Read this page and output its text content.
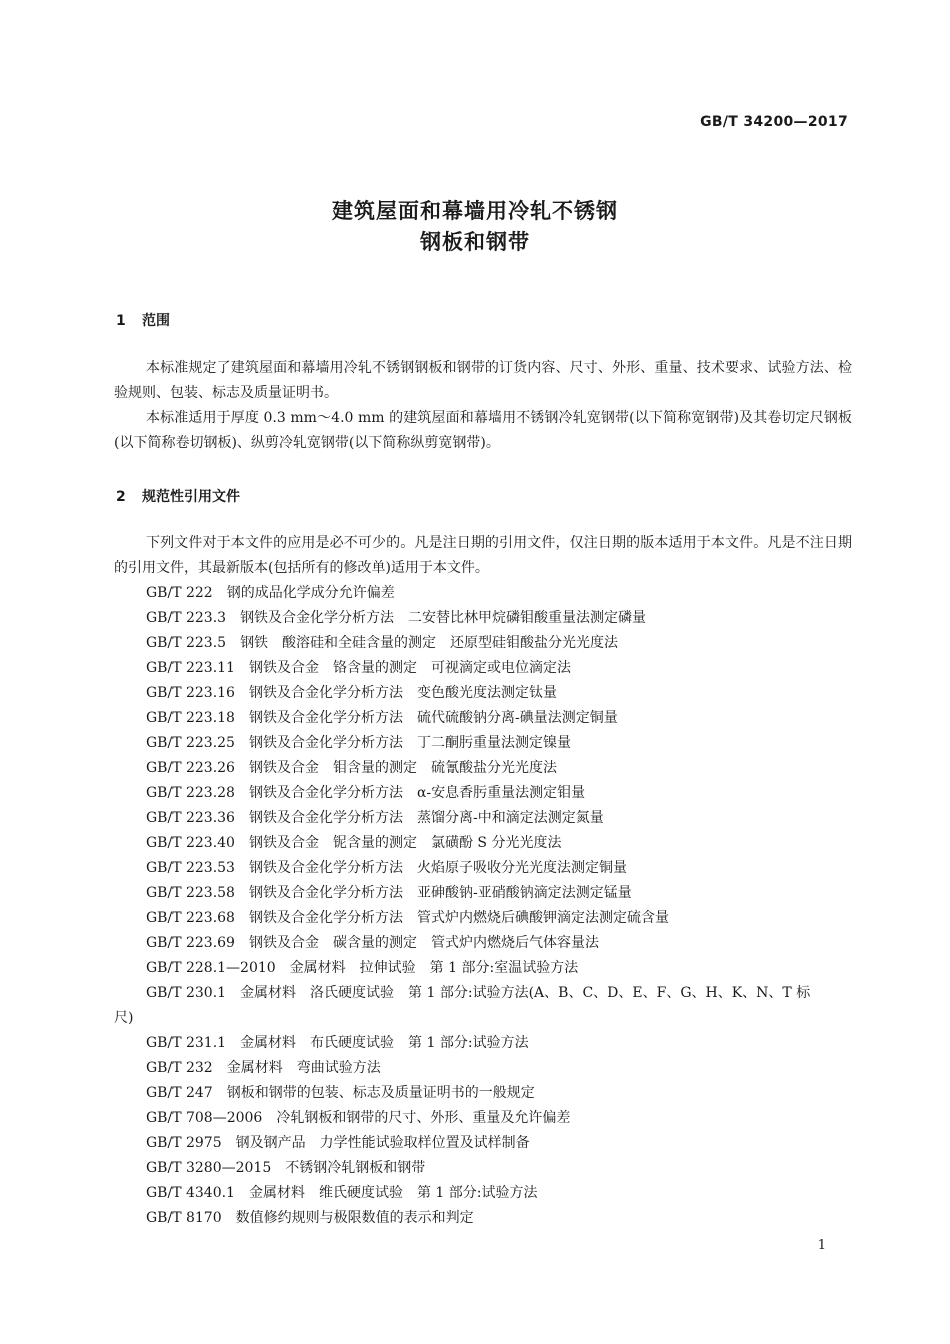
GB/T 34200—2017
建筑屋面和幕墙用冷轧不锈钢
钢板和钢带
1 范围

本标准规定了建筑屋面和幕墙用冷轧不锈钢钢板和钢带的订货内容、尺寸、外形、重量、技术要求、试验方法、检验规则、包装、标志及质量证明书。

本标准适用于厚度 0.3 mm～4.0 mm 的建筑屋面和幕墙用不锈钢冷轧宽钢带(以下简称宽钢带)及其卷切定尺钢板(以下简称卷切钢板)、纵剪冷轧宽钢带(以下简称纵剪宽钢带)。

2 规范性引用文件

下列文件对于本文件的应用是必不可少的。凡是注日期的引用文件，仅注日期的版本适用于本文件。凡是不注日期的引用文件，其最新版本(包括所有的修改单)适用于本文件。

GB/T 222 钢的成品化学成分允许偏差
GB/T 223.3 钢铁及合金化学分析方法　二安替比林甲烷磷钼酸重量法测定磷量
GB/T 223.5 钢铁　酸溶硅和全硅含量的测定　还原型硅钼酸盐分光光度法
GB/T 223.11 钢铁及合金　铬含量的测定　可视滴定或电位滴定法
GB/T 223.16 钢铁及合金化学分析方法　变色酸光度法测定钛量
GB/T 223.18 钢铁及合金化学分析方法　硫代硫酸钠分离-碘量法测定铜量
GB/T 223.25 钢铁及合金化学分析方法　丁二酮肟重量法测定镍量
GB/T 223.26 钢铁及合金　钼含量的测定　硫氰酸盐分光光度法
GB/T 223.28 钢铁及合金化学分析方法　α-安息香肟重量法测定钼量
GB/T 223.36 钢铁及合金化学分析方法　蒸馏分离-中和滴定法测定氮量
GB/T 223.40 钢铁及合金　铌含量的测定　氯磺酚 S 分光光度法
GB/T 223.53 钢铁及合金化学分析方法　火焰原子吸收分光光度法测定铜量
GB/T 223.58 钢铁及合金化学分析方法　亚砷酸钠-亚硝酸钠滴定法测定锰量
GB/T 223.68 钢铁及合金化学分析方法　管式炉内燃烧后碘酸钾滴定法测定硫含量
GB/T 223.69 钢铁及合金　碳含量的测定　管式炉内燃烧后气体容量法
GB/T 228.1—2010 金属材料　拉伸试验　第 1 部分:室温试验方法
GB/T 230.1 金属材料　洛氏硬度试验　第 1 部分:试验方法(A、B、C、D、E、F、G、H、K、N、T 标
尺)
GB/T 231.1 金属材料　布氏硬度试验　第 1 部分:试验方法
GB/T 232 金属材料　弯曲试验方法
GB/T 247 钢板和钢带的包装、标志及质量证明书的一般规定
GB/T 708—2006 冷轧钢板和钢带的尺寸、外形、重量及允许偏差
GB/T 2975 钢及钢产品　力学性能试验取样位置及试样制备
GB/T 3280—2015 不锈钢冷轧钢板和钢带
GB/T 4340.1 金属材料　维氏硬度试验　第 1 部分:试验方法
GB/T 8170 数值修约规则与极限数值的表示和判定
1
